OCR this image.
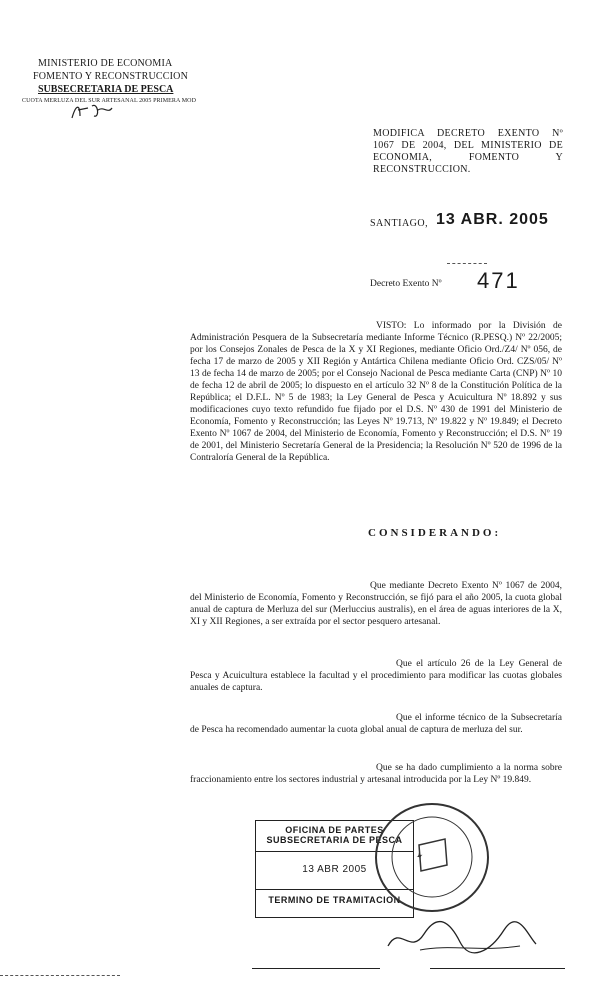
MINISTERIO DE ECONOMIA
FOMENTO Y RECONSTRUCCION
SUBSECRETARIA DE PESCA
CUOTA MERLUZA DEL SUR ARTESANAL 2005 PRIMERA MOD
MODIFICA DECRETO EXENTO Nº
1067 DE 2004, DEL MINISTERIO DE
ECONOMIA, FOMENTO Y
RECONSTRUCCION.
SANTIAGO, 13 ABR. 2005
Decreto Exento Nº 471
VISTO: Lo informado por la División de Administración Pesquera de la Subsecretaría mediante Informe Técnico (R.PESQ.) Nº 22/2005; por los Consejos Zonales de Pesca de la X y XI Regiones, mediante Oficio Ord./Z4/ Nº 056, de fecha 17 de marzo de 2005 y XII Región y Antártica Chilena mediante Oficio Ord. CZS/05/ Nº 13 de fecha 14 de marzo de 2005; por el Consejo Nacional de Pesca mediante Carta (CNP) Nº 10 de fecha 12 de abril de 2005; lo dispuesto en el artículo 32 Nº 8 de la Constitución Política de la República; el D.F.L. Nº 5 de 1983; la Ley General de Pesca y Acuicultura Nº 18.892 y sus modificaciones cuyo texto refundido fue fijado por el D.S. Nº 430 de 1991 del Ministerio de Economía, Fomento y Reconstrucción; las Leyes Nº 19.713, Nº 19.822 y Nº 19.849; el Decreto Exento Nº 1067 de 2004, del Ministerio de Economía, Fomento y Reconstrucción; el D.S. Nº 19 de 2001, del Ministerio Secretaría General de la Presidencia; la Resolución Nº 520 de 1996 de la Contraloría General de la República.
CONSIDERANDO:
Que mediante Decreto Exento Nº 1067 de 2004, del Ministerio de Economía, Fomento y Reconstrucción, se fijó para el año 2005, la cuota global anual de captura de Merluza del sur (Merluccius australis), en el área de aguas interiores de la X, XI y XII Regiones, a ser extraída por el sector pesquero artesanal.
Que el artículo 26 de la Ley General de Pesca y Acuicultura establece la facultad y el procedimiento para modificar las cuotas globales anuales de captura.
Que el informe técnico de la Subsecretaría de Pesca ha recomendado aumentar la cuota global anual de captura de merluza del sur.
Que se ha dado cumplimiento a la norma sobre fraccionamiento entre los sectores industrial y artesanal introducida por la Ley Nº 19.849.
OFICINA DE PARTES
SUBSECRETARIA DE PESCA
13 ABR 2005
TERMINO DE TRAMITACION
✦
